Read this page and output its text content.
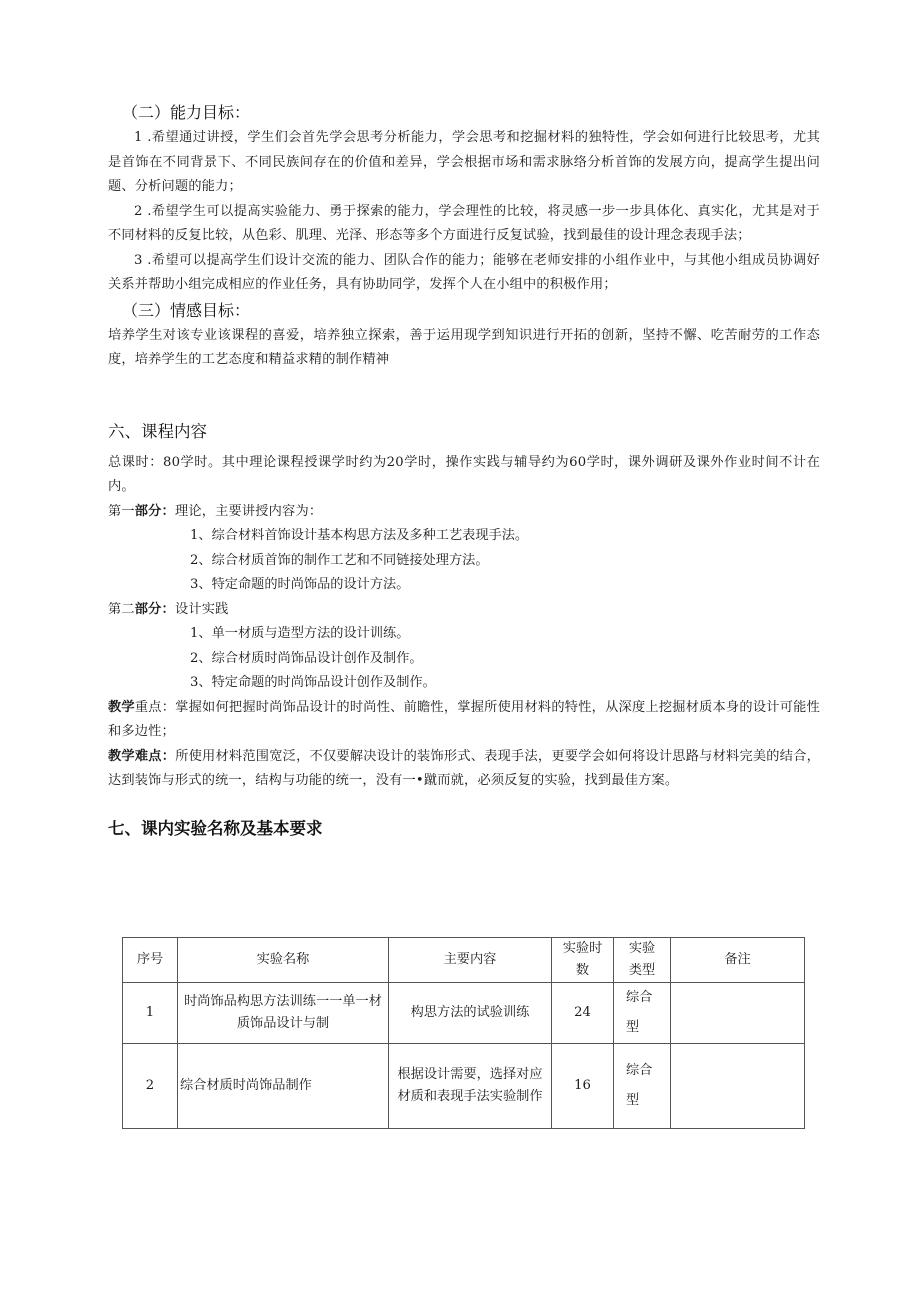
（二）能力目标：

1 .希望通过讲授，学生们会首先学会思考分析能力，学会思考和挖掘材料的独特性，学会如何进行比较思考，尤其是首饰在不同背景下、不同民族间存在的价值和差异，学会根据市场和需求脉络分析首饰的发展方向，提高学生提出问题、分析问题的能力；

2 .希望学生可以提高实验能力、勇于探索的能力，学会理性的比较，将灵感一步一步具体化、真实化，尤其是对于不同材料的反复比较，从色彩、肌理、光泽、形态等多个方面进行反复试验，找到最佳的设计理念表现手法；

3 .希望可以提高学生们设计交流的能力、团队合作的能力；能够在老师安排的小组作业中，与其他小组成员协调好关系并帮助小组完成相应的作业任务，具有协助同学，发挥个人在小组中的积极作用；

（三）情感目标：

培养学生对该专业该课程的喜爱，培养独立探索，善于运用现学到知识进行开拓的创新，坚持不懈、吃苦耐劳的工作态度，培养学生的工艺态度和精益求精的制作精神

六、课程内容

总课时：80学时。其中理论课程授课学时约为20学时，操作实践与辅导约为60学时，课外调研及课外作业时间不计在内。

第一部分：理论，主要讲授内容为：

1、综合材料首饰设计基本构思方法及多种工艺表现手法。

2、综合材质首饰的制作工艺和不同链接处理方法。

3、特定命题的时尚饰品的设计方法。

第二部分：设计实践

1、单一材质与造型方法的设计训练。

2、综合材质时尚饰品设计创作及制作。

3、特定命题的时尚饰品设计创作及制作。

教学重点：掌握如何把握时尚饰品设计的时尚性、前瞻性，掌握所使用材料的特性，从深度上挖掘材质本身的设计可能性和多边性；

教学难点：所使用材料范围宽泛，不仅要解决设计的装饰形式、表现手法，更要学会如何将设计思路与材料完美的结合，达到装饰与形式的统一，结构与功能的统一，没有一•蹴而就，必须反复的实验，找到最佳方案。

七、课内实验名称及基本要求

序号	实验名称	主要内容	实验时数	实验类型	备注
1	时尚饰品构思方法训练一一单一材质饰品设计与制	构思方法的试验训练	24	综合型	
2	综合材质时尚饰品制作	根据设计需要，选择对应材质和表现手法实验制作	16	综合型	
